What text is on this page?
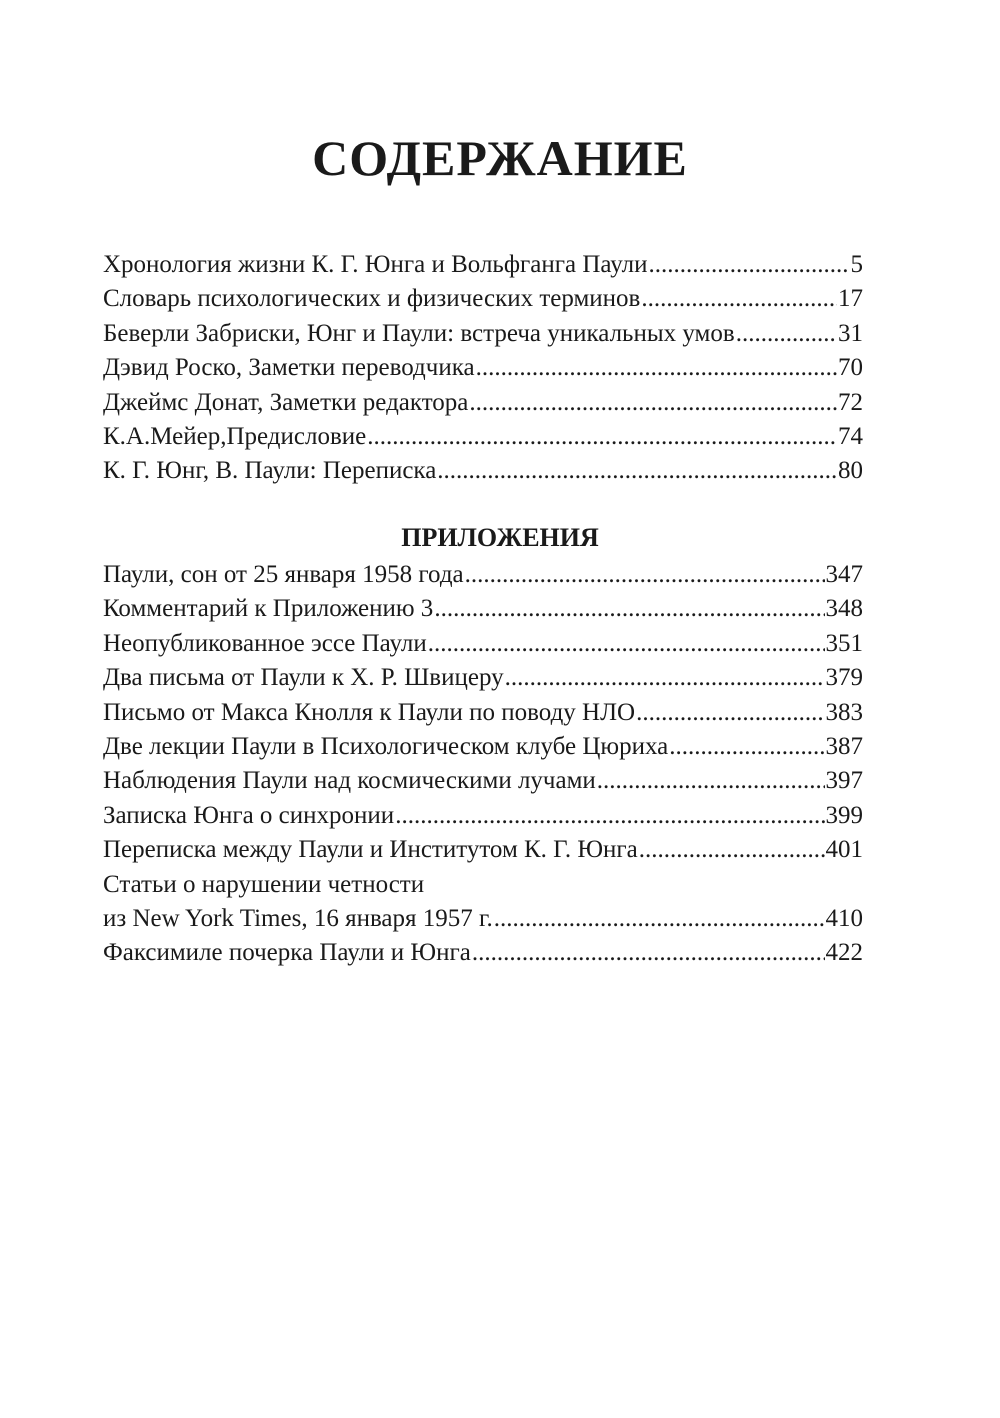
СОДЕРЖАНИЕ
Хронология жизни К. Г. Юнга и Вольфганга Паули .....	5
Словарь психологических и физических терминов .....	17
Беверли Забриски, Юнг и Паули: встреча уникальных умов .....	31
Дэвид Роско, Заметки переводчика .....	70
Джеймс Донат, Заметки редактора .....	72
К.А.Мейер,Предисловие .....	74
К. Г. Юнг, В. Паули: Переписка .....	80
ПРИЛОЖЕНИЯ
Паули, сон от 25 января 1958 года .....	347
Комментарий к Приложению 3 .....	348
Неопубликованное эссе Паули .....	351
Два письма от Паули к Х. Р. Швицеру .....	379
Письмо от Макса Кнолля к Паули по поводу НЛО .....	383
Две лекции Паули в Психологическом клубе Цюриха .....	387
Наблюдения Паули над космическими лучами .....	397
Записка Юнга о синхронии .....	399
Переписка между Паули и Институтом К. Г. Юнга .....	401
Статьи о нарушении четности
из New York Times, 16 января 1957 г. .....	410
Факсимиле почерка Паули и Юнга .....	422
